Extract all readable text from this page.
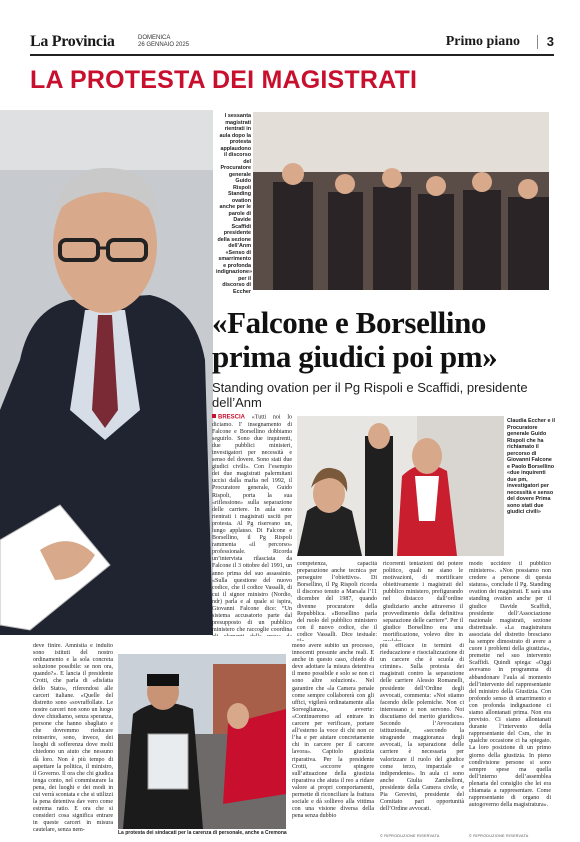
La Provincia	DOMENICA
26 GENNAIO 2025	Primo piano 3
LA PROTESTA DEI MAGISTRATI
I sessanta magistrati rientrati in aula dopo la protesta applaudono il discorso del Procuratore generale Guido Rispoli Standing ovation anche per le parole di Davide Scaffidi presidente della sezione dell’Anm «Senso di smarrimento e profonda indignazione» per il discorso di Eccher
«Falcone e Borsellino prima giudici poi pm»
Standing ovation per il Pg Rispoli e Scaffidi, presidente dell’Anm
BRESCIA «Tutti noi lo diciamo. I' insegnamento di Falcone e Borsellino dobbiamo seguirlo. Sono due inquirenti, due pubblici ministeri, investigatori per necessità e senso del dovere. Sono stati due giudici civili». Con l’esempio dei due magistrati palermitani uccisi dalla mafia nel 1992, il Procuratore generale, Guido Rispoli, porta la sua «riflessione» sulla separazione delle carriere. In aula sono rientrati i magistrati usciti per protesta. Al Pg riservano un, lungo applauso. Di Falcone e Borsellino, il Pg Rispoli rammenta «il percorso» professionale. Ricorda un’intervista rilasciata da Falcone il 3 ottobre del 1991, un anno prima del suo assassinio. «Sulla questione del nuovo codice, che il codice Vassalli, di cui il signor ministro (Nordio, ndr) parla e al quale si ispira, Giovanni Falcone dice: “Un sistema accusatorio parte dal presupposto di un pubblico ministero che raccoglie coordina
Claudia Eccher e il Procuratore generale Guido Rispoli che ha richiamato il percorso di Giovanni Falcone e Paolo Borsellino «due inquirenti due pm, investigatori per necessità e senso del dovere Prima sono stati due giudici civili»
competenza, capacità preparazione anche tecnica per perseguire l’obiettivo». Di Borsellino, il Pg Rispoli ricorda il discorso tenuto a Marsala l’11 dicembre del 1987, quando divenne procuratore della Repubblica. «Borsellino parla del ruolo del pubblico ministero con il nuovo codice, che il codice Vassalli. Dice testuale:
ricorrenti tentazioni del potere politico, quali ne siano le motivazioni, di mortificare obiettivamente i magistrati del pubblico ministero, prefigurando nel distacco dall’ordine giudiziario anche attraverso il provvedimento della definitiva separazione delle carriere”. Per il giudice Borsellino era una mortificazione, volevo dire in
modo uccidere il pubblico ministero». «Non possiamo non credere a persone di questa statura», conclude il Pg. Standing ovation dei magistrati. E sarà una standing ovation anche per il giudice Davide Scaffidi, presidente dell’Associazione nazionale magistrati, sezione distrettuale. «La magistratura associata del distretto bresciano ha sempre dimostrato di avere a cuore i problemi della giustizia», premette nel suo intervento Scaffidi. Quindi spiega: «Oggi avevamo in programma di abbandonare l’aula al momento dell’intervento del rappresentante del ministro della Giustizia. Con profondo senso di smarrimento e con profonda indignazione ci siamo allontanati prima. Non era previsto. Ci siamo allontanati durante l’intervento della rappresentante del Csm, che in qualche occasione ci ha spiegato. La loro posizione di un primo giorno della giustizia. In pieno condivisione persone si sono sempre spese ma quella dell’interno dell’assemblea plenaria del consiglio che lei era chiamata a rappresentare. Come rappresentante di organo di autogoverno della magistratura».
deve finire. Amnistia e indulto sono istituti del nostro ordinamento e la sola concreta soluzione possibile: se non ora, quando?». E lancia il presidente Crotti, che parla di «disfatta dello Stato», riferendosi alle carceri italiane. «Quelle del distretto sono «sovraffollate. Le nostre carceri non sono un luogo dove chiudiamo, senza speranza, persone che hanno sbagliato e che dovremmo rieducare reinserire, sono, invece, dei luoghi di sofferenza dove molti chiedono un aiuto che nessuno dà loro. Non è più tempo di aspettare la politica, il ministro, il Governo. Il ora che chi giudica tenga conto, nel commisurare la pena, dei luoghi e dei modi in cui verrà scontata e che si utilizzi la pena detentiva dav vero come estrema ratio. E ora che si consideri cosa significa entrare in queste carceri in misura cautelare, senza nem-	La protesta dei sindacati per la carenza di personale, anche a Cremona
meno avere subito un processo, innocenti presunte anche reali. E anche in questo caso, chiedo di deve adottare la misura detentiva il meno possibile e solo se non ci sono altre soluzioni». Nel garantire che «la Camera penale come sempre collaborerà con gli uffici, vigilerà ordinatamente alla Sorveglianza», avverte: «Continueremo ad entrare in carcere per verificare, portare all’esterno la voce di chi non ce l’ha e per aiutare concretamente chi in carcere per il carcere lavora». Capitolo giustizia riparativa. Per la presidente Crotti, «occorre spingere sull’attuazione della giustizia riparativa che aiuta il reo a ridare valore ai propri comportamenti, permette di riconciliare la frattura sociale e dà sollievo alla vittima con una visione diversa della pena senza dubbio
più efficace in termini di rieducazione e risocializzazione di un carcere che è scuola di crimine». Sulla protesta dei magistrati contro la separazione delle carriere Alessio Romanelli, presidente dell’Ordine degli avvocati, commenta: «Noi stiamo facendo delle polemiche. Non ci interessano e non servono. Noi discutiamo del merito giuridico». Secondo l’Avvocatura istituzionale, «secondo la stragrande maggioranza degli avvocati, la separazione delle carriere è necessaria per valorizzare il ruolo del giudice come terzo, imparziale e indipendente». In aula ci sono anche Giulia Zambelloni, presidente della Camera civile, e Pia Gerevini, presidente del Comitato pari opportunità dell’Ordine avvocati.
© RIPRODUZIONE RISERVATA	© RIPRODUZIONE RISERVATA
